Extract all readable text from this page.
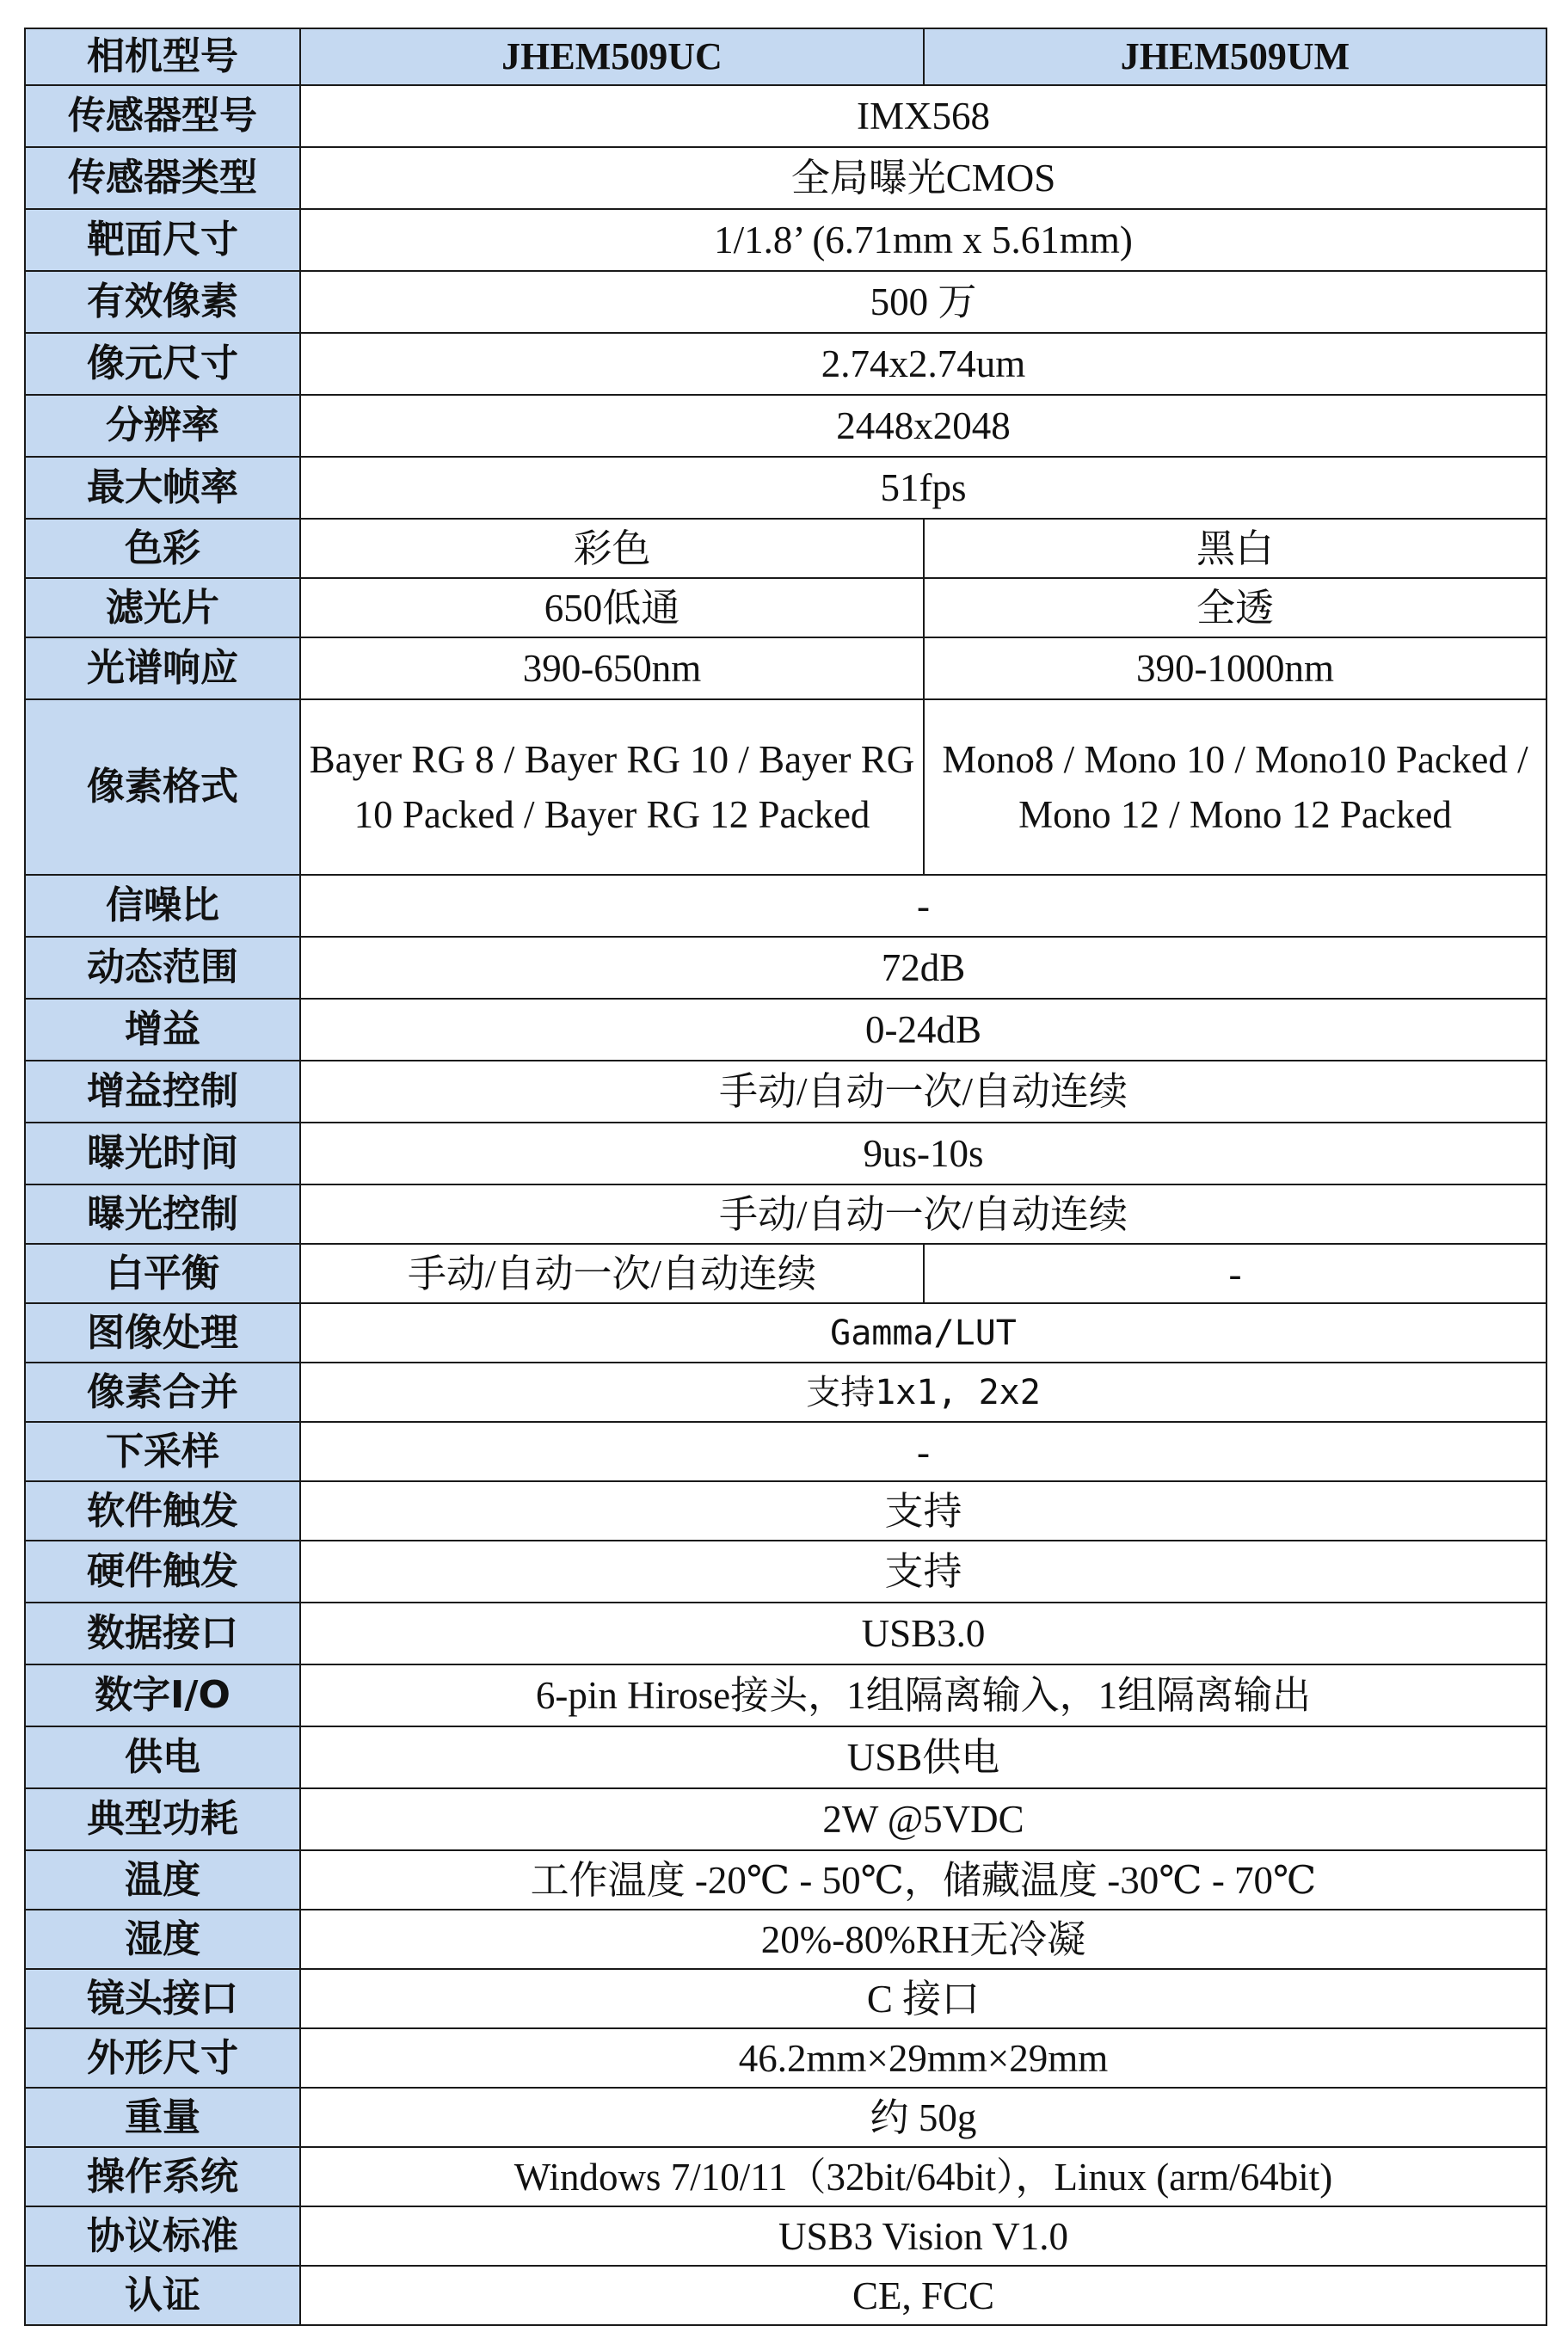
相机型号	JHEM509UC	JHEM509UM
传感器型号	IMX568	
传感器类型	全局曝光CMOS	
靶面尺寸	1/1.8’ (6.71mm x 5.61mm)	
有效像素	500 万	
像元尺寸	2.74x2.74um	
分辨率	2448x2048	
最大帧率	51fps	
色彩	彩色	黑白
滤光片	650低通	全透
光谱响应	390-650nm	390-1000nm
像素格式	Bayer RG 8 / Bayer RG 10 / Bayer RG 10 Packed / Bayer RG 12 Packed	Mono8 / Mono 10 / Mono10 Packed / Mono 12 / Mono 12 Packed
信噪比	-	
动态范围	72dB	
增益	0-24dB	
增益控制	手动/自动一次/自动连续	
曝光时间	9us-10s	
曝光控制	手动/自动一次/自动连续	
白平衡	手动/自动一次/自动连续	-
图像处理	Gamma/LUT	
像素合并	支持1x1, 2x2	
下采样	-	
软件触发	支持	
硬件触发	支持	
数据接口	USB3.0	
数字I/O	6-pin Hirose接头，1组隔离输入，1组隔离输出	
供电	USB供电	
典型功耗	2W @5VDC	
温度	工作温度 -20℃ - 50℃，储藏温度 -30℃ - 70℃	
湿度	20%-80%RH无冷凝	
镜头接口	C 接口	
外形尺寸	46.2mm×29mm×29mm	
重量	约 50g	
操作系统	Windows 7/10/11（32bit/64bit），Linux (arm/64bit)	
协议标准	USB3 Vision V1.0	
认证	CE, FCC	
